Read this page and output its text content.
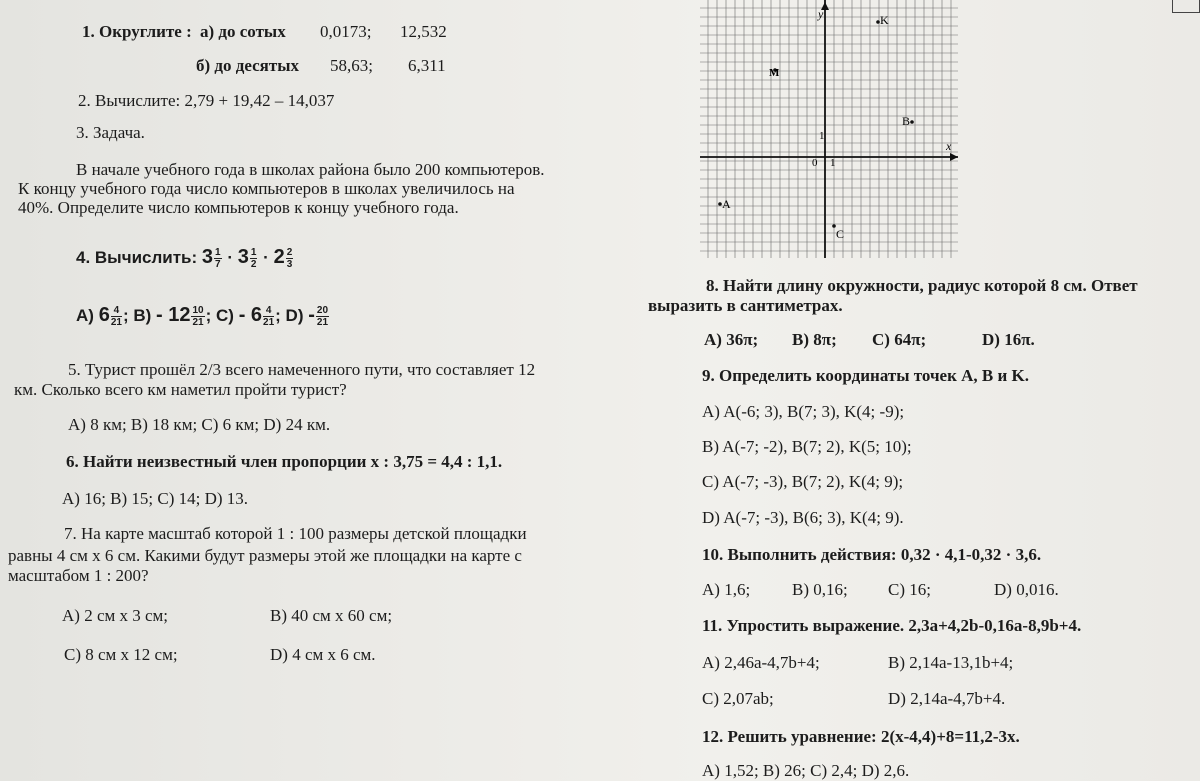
1. Округлите : а) до сотых 0,0173; 12,532
б) до десятых 58,63; 6,311
2. Вычислите: 2,79 + 19,42 – 14,037
3. Задача.
В начале учебного года в школах района было 200 компьютеров.
К концу учебного года число компьютеров в школах увеличилось на
40%. Определите число компьютеров к концу учебного года.
4. Вычислить: $3 \frac{1}{7} \cdot 3 \frac{1}{2} \cdot 2 \frac{2}{3}$
A) $6 \frac{4}{21}$ ; $B) - 12 \frac{10}{21}$ ; $C) - 6 \frac{4}{21}$ ; $D) - \frac{20}{21}$
5. Турист прошёл 2/3 всего намеченного пути, что составляет 12
км. Сколько всего км наметил пройти турист?
A) 8 км; B) 18 км; C) 6 км; D) 24 км.
6. Найти неизвестный член пропорции х : 3,75 = 4,4 : 1,1.
A) 16; B) 15; C) 14; D) 13.
7. На карте масштаб которой 1 : 100 размеры детской площадки
равны 4 см х 6 см. Какими будут размеры этой же площадки на карте с
масштабом 1 : 200?
A) 2 см х 3 см;	B) 40 см х 60 см;
C) 8 см х 12 см;	D) 4 см х 6 см.
y
x
0 1
1
K
M
B
A
C
8. Найти длину окружности, радиус которой 8 см. Ответ
выразить в сантиметрах.
A) 36π; B) 8π; C) 64π;	D) 16π.
9. Определить координаты точек A, B и K.
A) A(-6; 3), B(7; 3), K(4; -9);
B) A(-7; -2), B(7; 2), K(5; 10);
C) A(-7; -3), B(7; 2), K(4; 9);
D) A(-7; -3), B(6; 3), K(4; 9).
10. Выполнить действия: 0,32 · 4,1-0,32 · 3,6.
A) 1,6; B) 0,16; C) 16;	D) 0,016.
11. Упростить выражение. 2,3a+4,2b-0,16a-8,9b+4.
A) 2,46a-4,7b+4;	B) 2,14a-13,1b+4;
C) 2,07ab;	D) 2,14a-4,7b+4.
12. Решить уравнение: 2(x-4,4)+8=11,2-3x.
A) 1,52; B) 26; C) 2,4; D) 2,6.
